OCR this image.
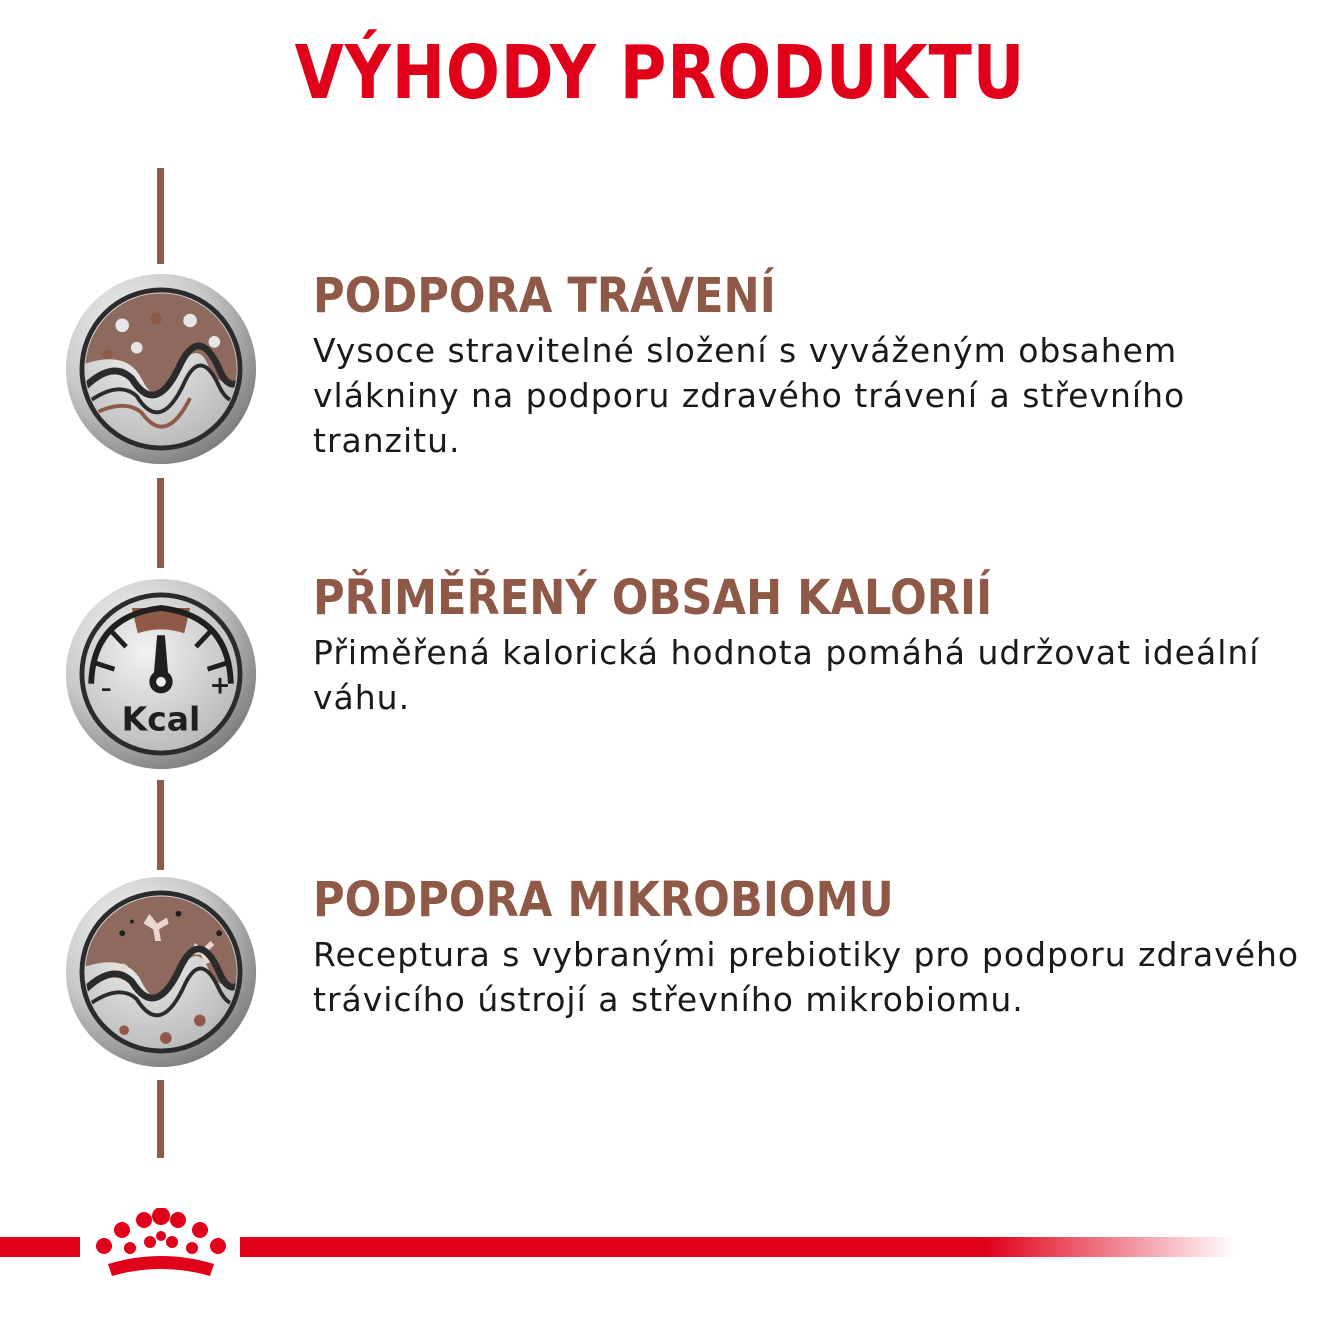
VÝHODY PRODUKTU
PODPORA TRÁVENÍ
Vysoce stravitelné složení s vyváženým obsahem vlákniny na podporu zdravého trávení a střevního tranzitu.
–	+
Kcal
PŘIMĚŘENÝ OBSAH KALORIÍ
Přiměřená kalorická hodnota pomáhá udržovat ideální váhu.
PODPORA MIKROBIOMU
Receptura s vybranými prebiotiky pro podporu zdravého trávicího ústrojí a střevního mikrobiomu.
